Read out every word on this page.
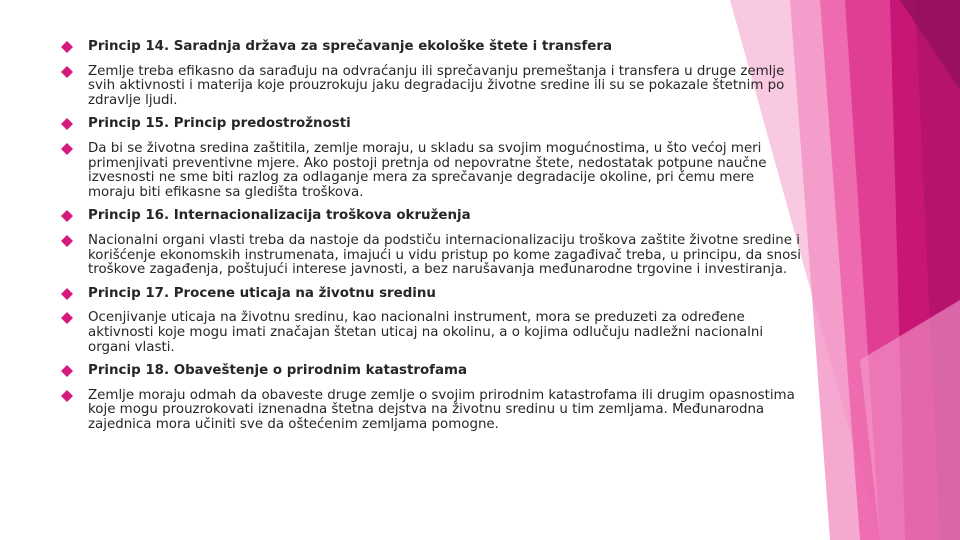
Princip 14. Saradnja država za sprečavanje ekološke štete i transfera
Zemlje treba efikasno da sarađuju na odvraćanju ili sprečavanju premeštanja i transfera u druge zemlje svih aktivnosti i materija koje prouzrokuju jaku degradaciju životne sredine ili su se pokazale štetnim po zdravlje ljudi.
Princip 15. Princip predostrožnosti
Da bi se životna sredina zaštitila, zemlje moraju, u skladu sa svojim mogućnostima, u što većoj meri primenjivati preventivne mjere. Ako postoji pretnja od nepovratne štete, nedostatak potpune naučne izvesnosti ne sme biti razlog za odlaganje mera za sprečavanje degradacije okoline, pri čemu mere moraju biti efikasne sa gledišta troškova.
Princip 16. Internacionalizacija troškova okruženja
Nacionalni organi vlasti treba da nastoje da podstiču internacionalizaciju troškova zaštite životne sredine i korišćenje ekonomskih instrumenata, imajući u vidu pristup po kome zagađivač treba, u principu, da snosi troškove zagađenja, poštujući interese javnosti, a bez narušavanja međunarodne trgovine i investiranja.
Princip 17. Procene uticaja na životnu sredinu
Ocenjivanje uticaja na životnu sredinu, kao nacionalni instrument, mora se preduzeti za određene aktivnosti koje mogu imati značajan štetan uticaj na okolinu, a o kojima odlučuju nadležni nacionalni organi vlasti.
Princip 18. Obaveštenje o prirodnim katastrofama
Zemlje moraju odmah da obaveste druge zemlje o svojim prirodnim katastrofama ili drugim opasnostima koje mogu prouzrokovati iznenadna štetna dejstva na životnu sredinu u tim zemljama. Međunarodna zajednica mora učiniti sve da oštećenim zemljama pomogne.
